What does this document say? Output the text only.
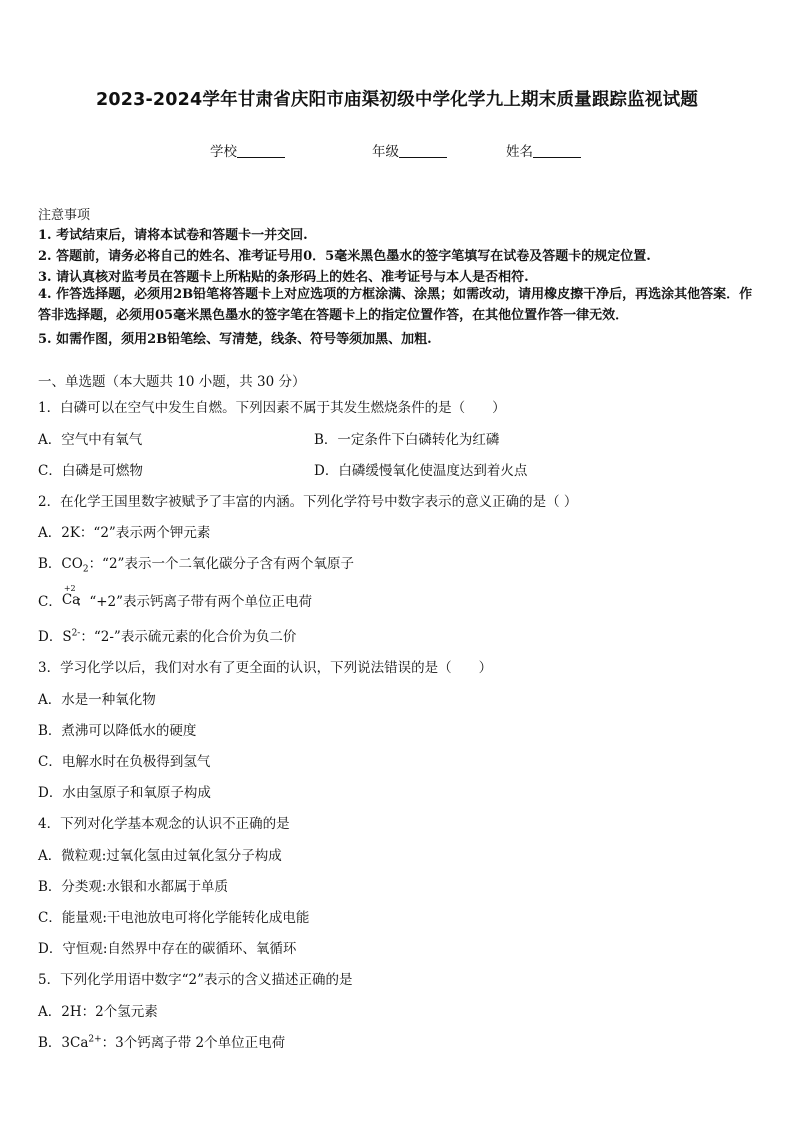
2023-2024学年甘肃省庆阳市庙渠初级中学化学九上期末质量跟踪监视试题
学校	年级	姓名
注意事项
1. 考试结束后，请将本试卷和答题卡一并交回.
2. 答题前，请务必将自己的姓名、准考证号用0．5毫米黑色墨水的签字笔填写在试卷及答题卡的规定位置.
3. 请认真核对监考员在答题卡上所粘贴的条形码上的姓名、准考证号与本人是否相符.
4. 作答选择题，必须用2B铅笔将答题卡上对应选项的方框涂满、涂黑；如需改动，请用橡皮擦干净后，再选涂其他答案．作答非选择题，必须用05毫米黑色墨水的签字笔在答题卡上的指定位置作答，在其他位置作答一律无效．
5. 如需作图，须用2B铅笔绘、写清楚，线条、符号等须加黑、加粗.
一、单选题（本大题共 10 小题，共 30 分）
1．白磷可以在空气中发生自燃。下列因素不属于其发生燃烧条件的是（　　）
A．空气中有氧气	B．一定条件下白磷转化为红磷
C．白磷是可燃物	D．白磷缓慢氧化使温度达到着火点
2．在化学王国里数字被赋予了丰富的内涵。下列化学符号中数字表示的意义正确的是（ ）
A．2K：“2”表示两个钾元素
B．$CO_2$：“2”表示一个二氧化碳分子含有两个氧原子
C．
+2
Ca
：“+2”表示钙离子带有两个单位正电荷
D．$S^{2-}$：“2-”表示硫元素的化合价为负二价
3．学习化学以后，我们对水有了更全面的认识，下列说法错误的是（　　）
A．水是一种氧化物
B．煮沸可以降低水的硬度
C．电解水时在负极得到氢气
D．水由氢原子和氧原子构成
4．下列对化学基本观念的认识不正确的是
A．微粒观:过氧化氢由过氧化氢分子构成
B．分类观:水银和水都属于单质
C．能量观:干电池放电可将化学能转化成电能
D．守恒观:自然界中存在的碳循环、氧循环
5．下列化学用语中数字“2”表示的含义描述正确的是
A．2H：2个氢元素
B．$3Ca^{2+}$：3个钙离子带 2个单位正电荷
